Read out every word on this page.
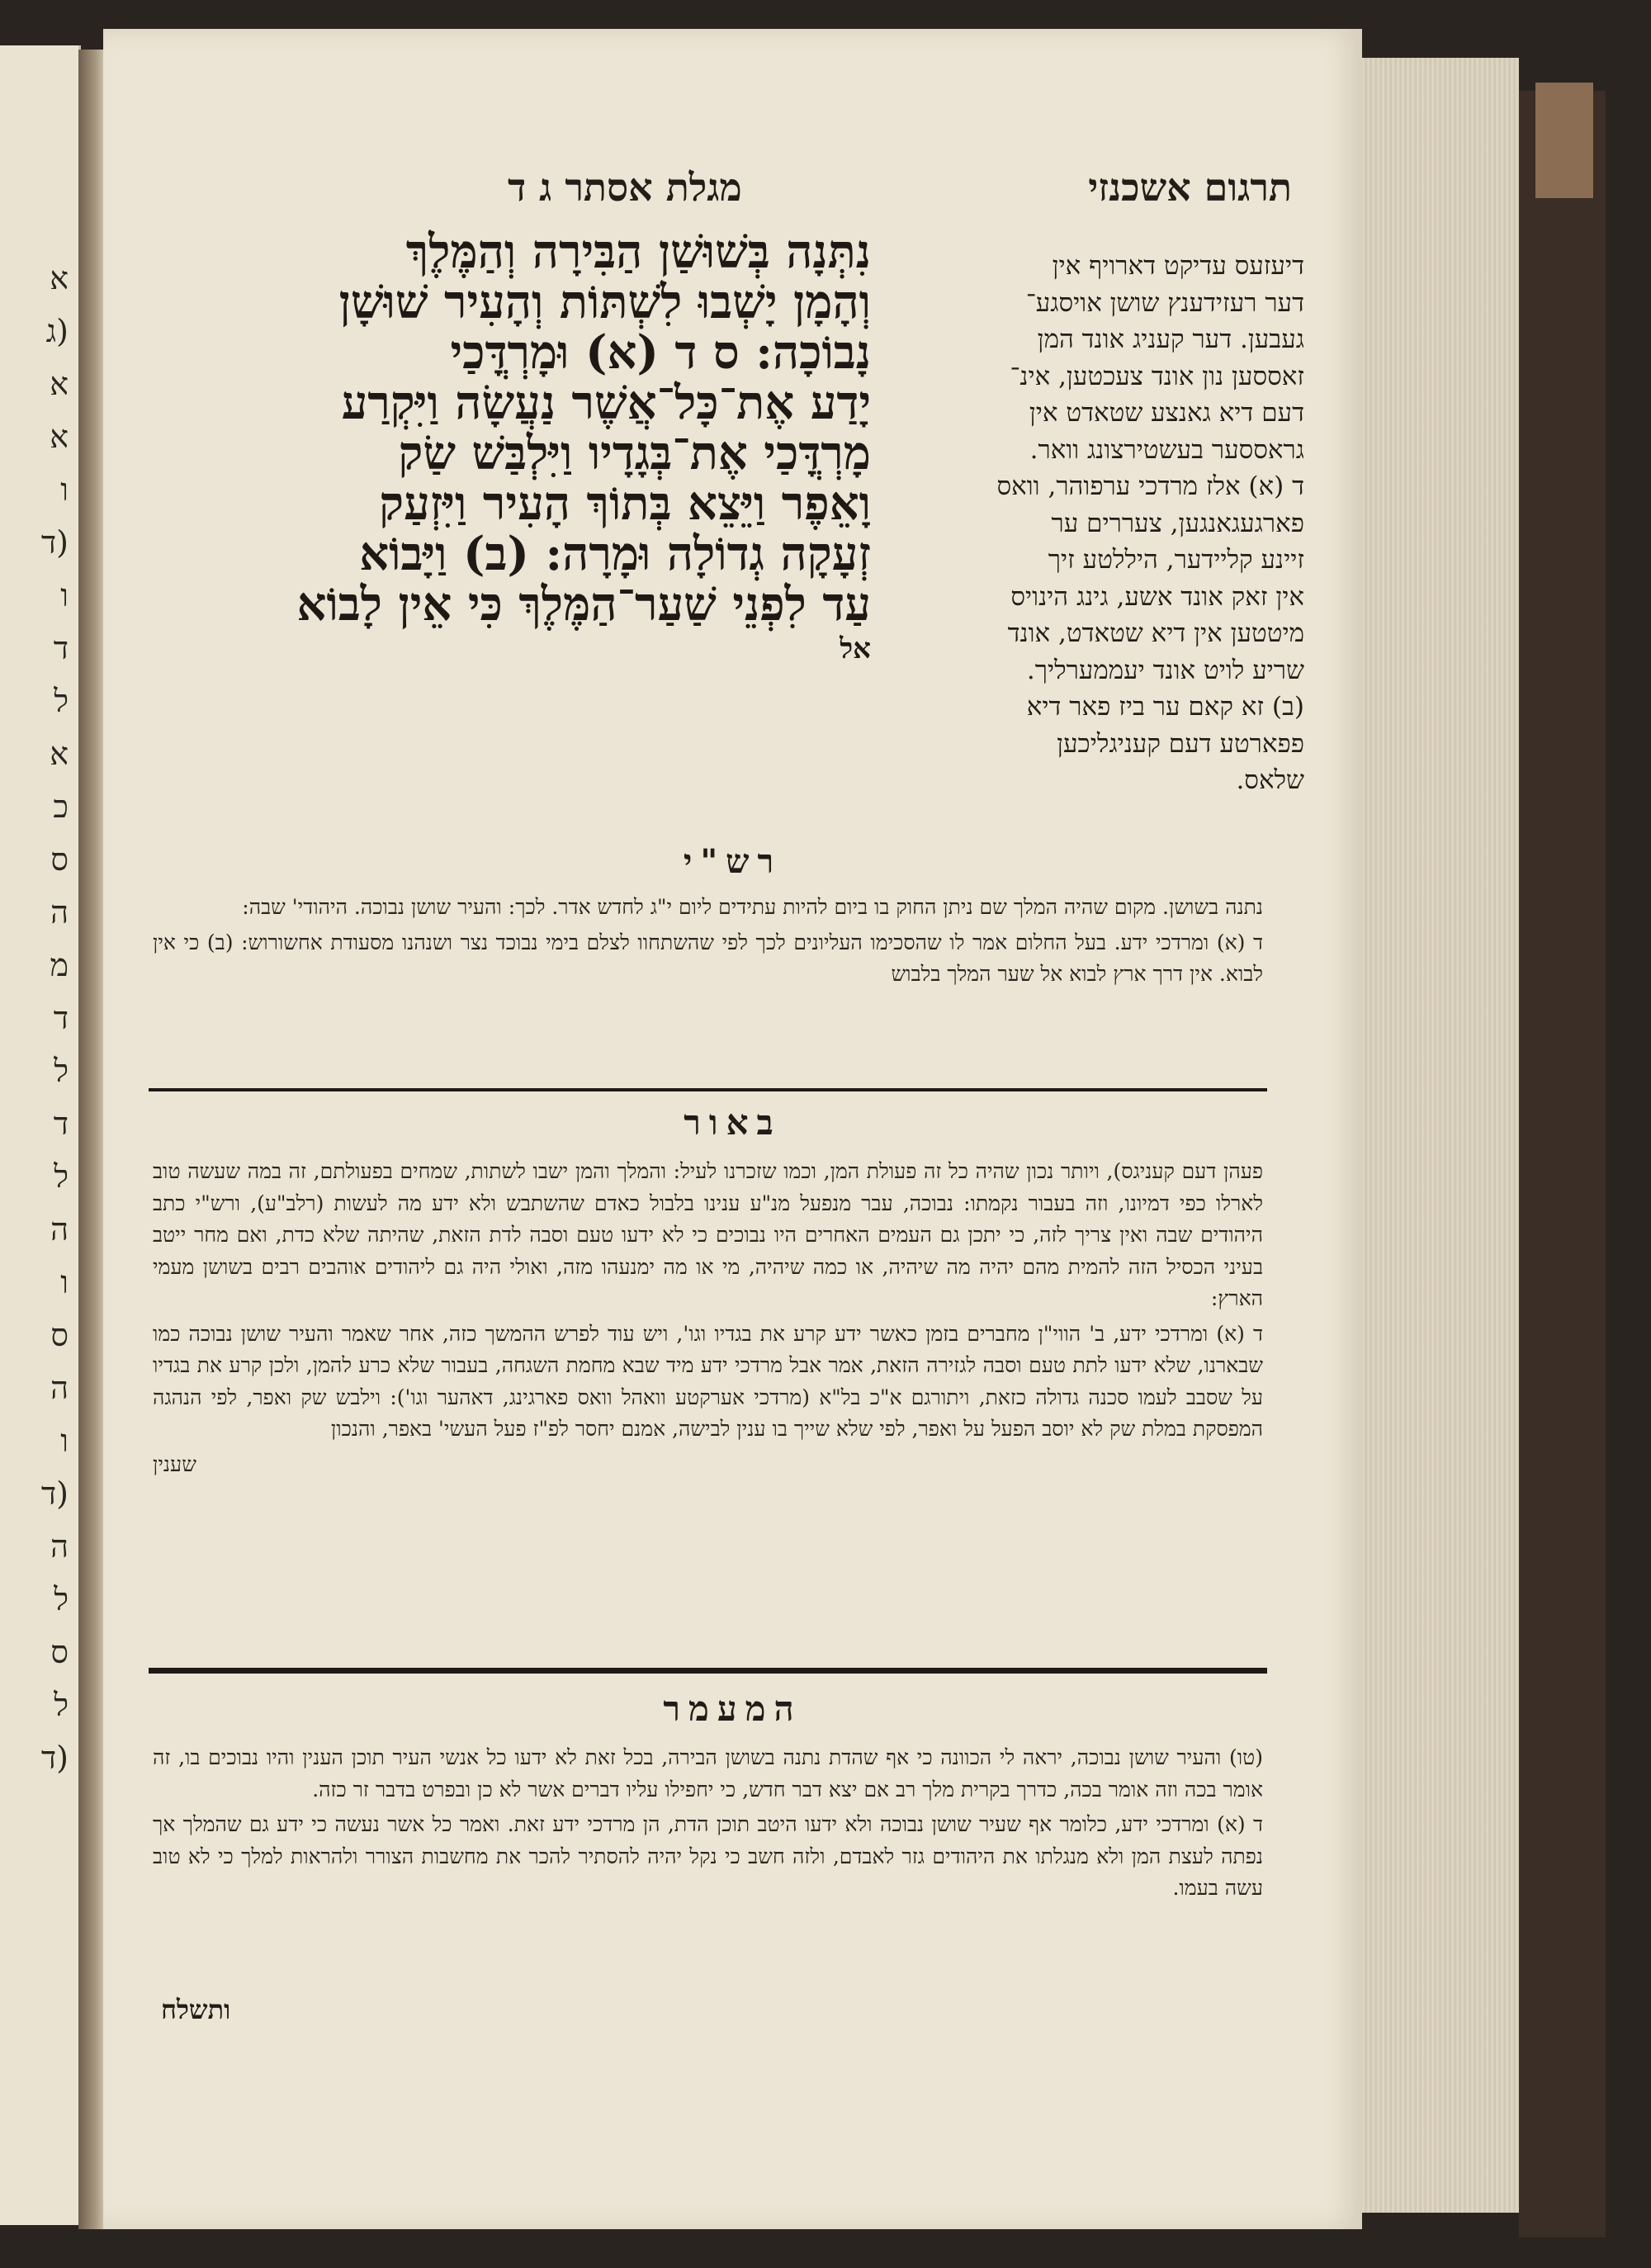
א
(ג
א
א
ו
(ד
ו
ד
ל
א
כ
ס
ה
מ
ד
ל
ד
ל
ה
ו
ס
ה
ו
(ד
ה
ל
ס
ל
(ד
תרגום אשכנזי
מגלת אסתר ג ד

נִתְּנָה בְּשׁוּשַׁן הַבִּירָה וְהַמֶּלֶךְ

וְהָמָן יָשְׁבוּ לִשְׁתּוֹת וְהָעִיר שׁוּשָׁן

נָבוֹכָה: ס ד (א) וּמָרְדֳּכַי

יָדַע אֶת־כָּל־אֲשֶׁר נַעֲשָׂה וַיִּקְרַע

מָרְדֳּכַי אֶת־בְּגָדָיו וַיִּלְבַּשׁ שַׂק

וָאֵפֶר וַיֵּצֵא בְּתוֹךְ הָעִיר וַיִּזְעַק

זְעָקָה גְדוֹלָה וּמָרָה: (ב) וַיָּבוֹא

עַד לִפְנֵי שַׁעַר־הַמֶּלֶךְ כִּי אֵין לָבוֹא

אל

דיעזעס עדיקט דארויף אין

דער רעזידענץ שושן אויסגע־

געבען. דער קעניג אונד המן

זאססען נון אונד צעכטען, אינ־

דעם דיא גאנצע שטאדט אין

גראססער בעשטירצונג וואר.

ד (א) אלז מרדכי ערפוהר, וואס

פארגעגאנגען, צעררים ער

זיינע קליידער, היללטע זיך

אין זאק אונד אשע, גינג הינויס

מיטטען אין דיא שטאדט, אונד

שריע לויט אונד יעממערליך.

(ב) זא קאם ער ביז פאר דיא

פפארטע דעם קעניגליכען

שלאס.

רש"י

נתנה בשושן. מקום שהיה המלך שם ניתן החוק בו ביום להיות עתידים ליום י"ג לחדש אדר. לכך: והעיר שושן נבוכה. היהודי' שבה:

ד (א) ומרדכי ידע. בעל החלום אמר לו שהסכימו העליונים לכך לפי שהשתחוו לצלם בימי נבוכד נצר ושנהנו מסעודת אחשורוש: (ב) כי אין לבוא. אין דרך ארץ לבוא אל שער המלך בלבוש

באור

פעהן דעם קעניגס), ויותר נכון שהיה כל זה פעולת המן, וכמו שזכרנו לעיל: והמלך והמן ישבו לשתות, שמחים בפעולתם, זה במה שעשה טוב לארלו כפי דמיונו, וזה בעבור נקמתו: נבוכה, עבר מנפעל מנ"ע ענינו בלבול כאדם שהשתבש ולא ידע מה לעשות (רלב"ע), ורש"י כתב היהודים שבה ואין צריך לזה, כי יתכן גם העמים האחרים היו נבוכים כי לא ידעו טעם וסבה לדת הזאת, שהיתה שלא כדת, ואם מחר ייטב בעיני הכסיל הזה להמית מהם יהיה מה שיהיה, או כמה שיהיה, מי או מה ימנעהו מזה, ואולי היה גם ליהודים אוהבים רבים בשושן מעמי הארץ:

ד (א) ומרדכי ידע, ב' הווי"ן מחברים בזמן כאשר ידע קרע את בגדיו וגו', ויש עוד לפרש ההמשך כזה, אחר שאמר והעיר שושן נבוכה כמו שבארנו, שלא ידעו לתת טעם וסבה לגזירה הזאת, אמר אבל מרדכי ידע מיד שבא מחמת השגחה, בעבור שלא כרע להמן, ולכן קרע את בגדיו על שסבב לעמו סכנה גדולה כזאת, ויתורגם א"כ בל"א (מרדכי אערקטע וואהל וואס פארגינג, דאהער וגו'): וילבש שק ואפר, לפי הנהגה המפסקת במלת שק לא יוסב הפעל על ואפר, לפי שלא שייך בו ענין לבישה, אמנם יחסר לפ"ז פעל העשי' באפר, והנכון

שענין

המעמר

(טו) והעיר שושן נבוכה, יראה לי הכוונה כי אף שהדת נתנה בשושן הבירה, בכל זאת לא ידעו כל אנשי העיר תוכן הענין והיו נבוכים בו, זה אומר בכה וזה אומר בכה, כדרך בקרית מלך רב אם יצא דבר חדש, כי יחפילו עליו דברים אשר לא כן ובפרט בדבר זר כזה.

ד (א) ומרדכי ידע, כלומר אף שעיר שושן נבוכה ולא ידעו היטב תוכן הדת, הן מרדכי ידע זאת. ואמר כל אשר נעשה כי ידע גם שהמלך אך נפתה לעצת המן ולא מנגלתו את היהודים גזר לאבדם, ולזה חשב כי נקל יהיה להסתיר להכר את מחשבות הצורר ולהראות למלך כי לא טוב עשה בעמו.

ותשלח
